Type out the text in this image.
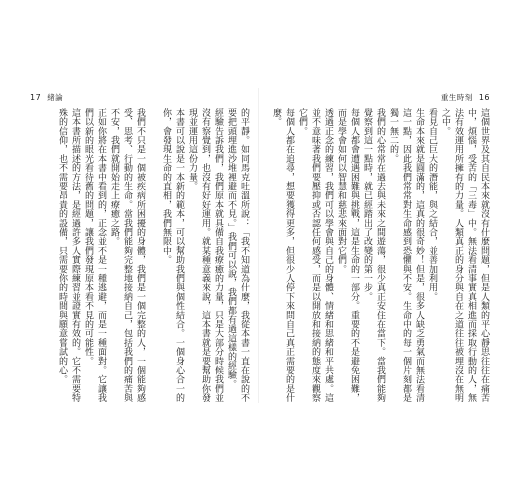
17 緒論
的平靜。如同馬克吐溫所說：「我不知道為什麼，我從本書一直在說的不要把頭埋進沙堆裡避而不見。」我們可以說，我們都有過這樣的經驗。
經驗告訴我們，我們原本就具備自我療癒的力量，只是大部分時候我們並沒有察覺到，也沒有好好運用。就某種意義來說，這本書就是要幫助你發現並運用這份力量。
本書可以說是一本新的範本，可以幫助我們與個性結合。一個身心合一的你，會發現生命的直相，我們無限中。

我們不只是一個被疾病所困擾的身體，我們是一個完整的人，一個能夠感受、思考、行動的生命。當我們能夠完整地接納自己，包括我們的痛苦與不安，我們就開始走上療癒之路。
正如你將在本書中看到的，正念並不是一種逃避，而是一種面對。它讓我們以新的眼光看待舊的問題，讓我們發現原本看不見的可能性。
這本書所描述的方法，是經過許多人實際練習並證實有效的。它不需要特殊的信仰，也不需要昂貴的設備，只需要你的時間與願意嘗試的心。
重生時刻 16
這個世界及其自民本來就沒有什麼問題，但是人類的平心靜思往往在痛苦中，煩惱，受苦的「三毒」中。無法看清事實真相進而採取行動的人，無法有效運用所擁有的力量。人類真正的身分與自在之道往往被埋沒在無明之中。
看見自己巨大的潛能，與之結合，並善加利用。
生命本來就是圓滿的，這真的很奇妙！但是，很多人缺乏勇氣而無法看清這一點，因此我們常常對生命感到恐懼與不安。生命中的每一個片刻都是獨一無二的。
我們的心常常在過去與未來之間遊蕩，很少真正安住在當下。當我們能夠覺察到這一點時，就已經踏出了改變的第一步。
每個人都會遭遇困難與挑戰，這是生命的一部分。重要的不是避免困難，而是學會如何以智慧和慈悲來面對它們。
透過正念的練習，我們可以學會與自己的身體、情緒和思緒和平共處。這並不意味著我們要壓抑或否認任何感受，而是以開放和接納的態度來觀察它們。
每個人都在追尋，想要獲得更多，但很少人停下來問自己真正需要的是什麼。
